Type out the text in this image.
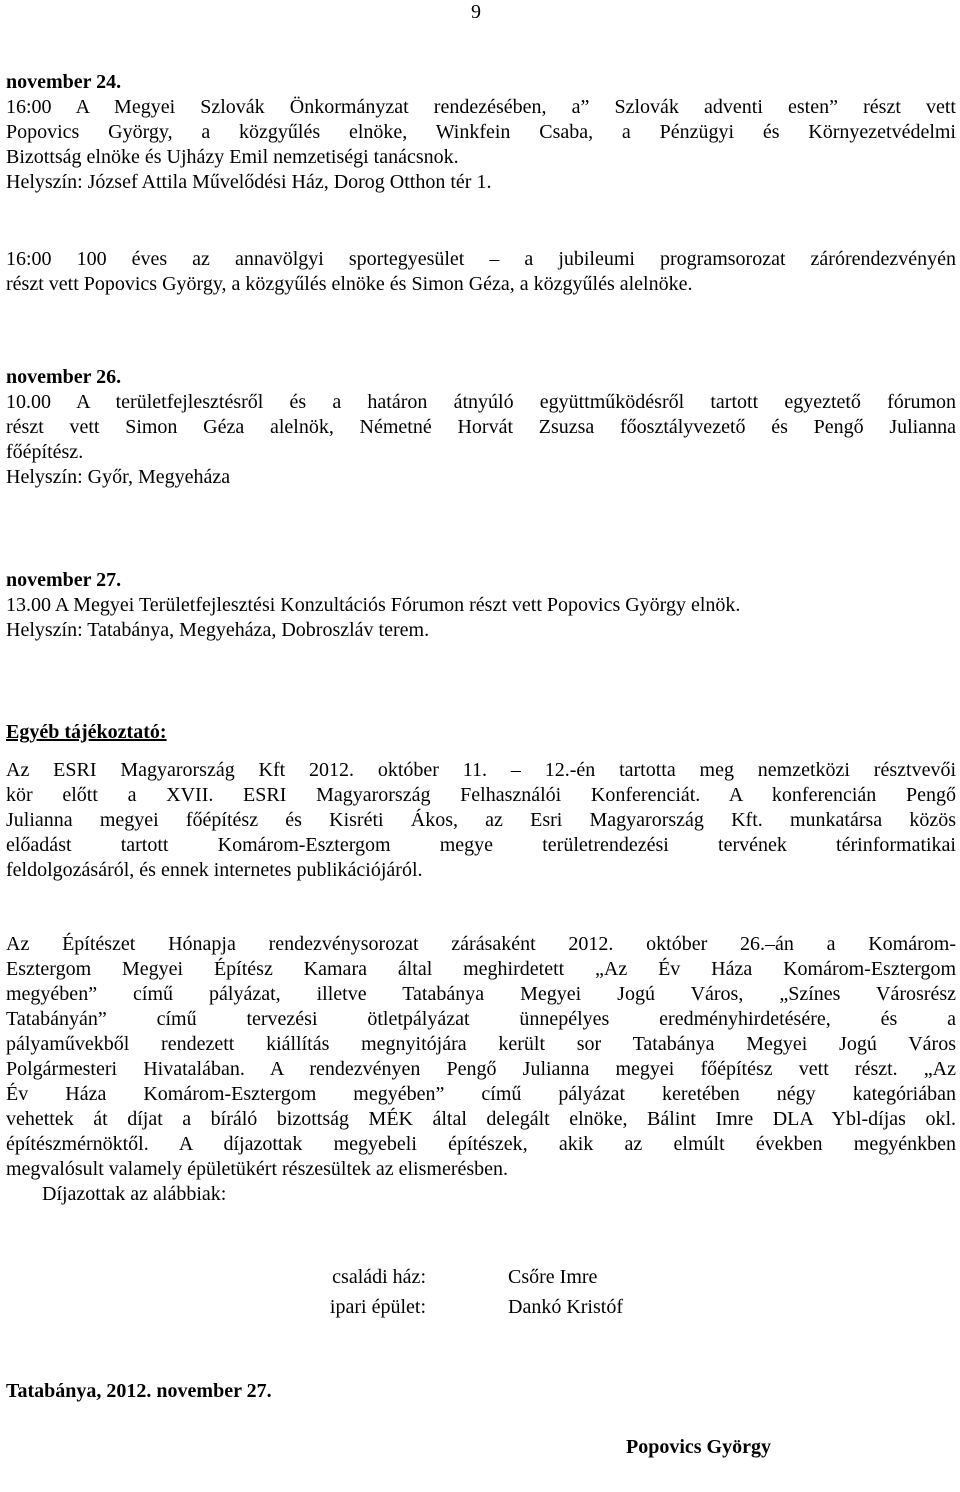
9
november 24.
16:00 A Megyei Szlovák Önkormányzat rendezésében, a” Szlovák adventi esten” részt vett
Popovics György, a közgyűlés elnöke, Winkfein Csaba, a Pénzügyi és Környezetvédelmi
Bizottság elnöke és Ujházy Emil nemzetiségi tanácsnok.
Helyszín: József Attila Művelődési Ház, Dorog Otthon tér 1.
16:00 100 éves az annavölgyi sportegyesület – a jubileumi programsorozat zárórendezvényén
részt vett Popovics György, a közgyűlés elnöke és Simon Géza, a közgyűlés alelnöke.
november 26.
10.00 A területfejlesztésről és a határon átnyúló együttműködésről tartott egyeztető fórumon
részt vett Simon Géza alelnök, Németné Horvát Zsuzsa főosztályvezető és Pengő Julianna
főépítész.
Helyszín: Győr, Megyeháza
november 27.
13.00 A Megyei Területfejlesztési Konzultációs Fórumon részt vett Popovics György elnök.
Helyszín: Tatabánya, Megyeháza, Dobroszláv terem.
Egyéb tájékoztató:
Az ESRI Magyarország Kft 2012. október 11. – 12.-én tartotta meg nemzetközi résztvevői
kör előtt a XVII. ESRI Magyarország Felhasználói Konferenciát. A konferencián Pengő
Julianna megyei főépítész és Kisréti Ákos, az Esri Magyarország Kft. munkatársa közös
előadást tartott Komárom-Esztergom megye területrendezési tervének térinformatikai
feldolgozásáról, és ennek internetes publikációjáról.
Az Építészet Hónapja rendezvénysorozat zárásaként 2012. október 26.–án a Komárom-
Esztergom Megyei Építész Kamara által meghirdetett „Az Év Háza Komárom-Esztergom
megyében” című pályázat, illetve Tatabánya Megyei Jogú Város, „Színes Városrész
Tatabányán” című tervezési ötletpályázat ünnepélyes eredményhirdetésére, és a
pályaművekből rendezett kiállítás megnyitójára került sor Tatabánya Megyei Jogú Város
Polgármesteri Hivatalában. A rendezvényen Pengő Julianna megyei főépítész vett részt. „Az
Év Háza Komárom-Esztergom megyében” című pályázat keretében négy kategóriában
vehettek át díjat a bíráló bizottság MÉK által delegált elnöke, Bálint Imre DLA Ybl-díjas okl.
építészmérnöktől. A díjazottak megyebeli építészek, akik az elmúlt években megyénkben
megvalósult valamely épületükért részesültek az elismerésben.
Díjazottak az alábbiak:
családi ház:		Csőre Imre
ipari épület:		Dankó Kristóf
Tatabánya, 2012. november 27.
Popovics György
